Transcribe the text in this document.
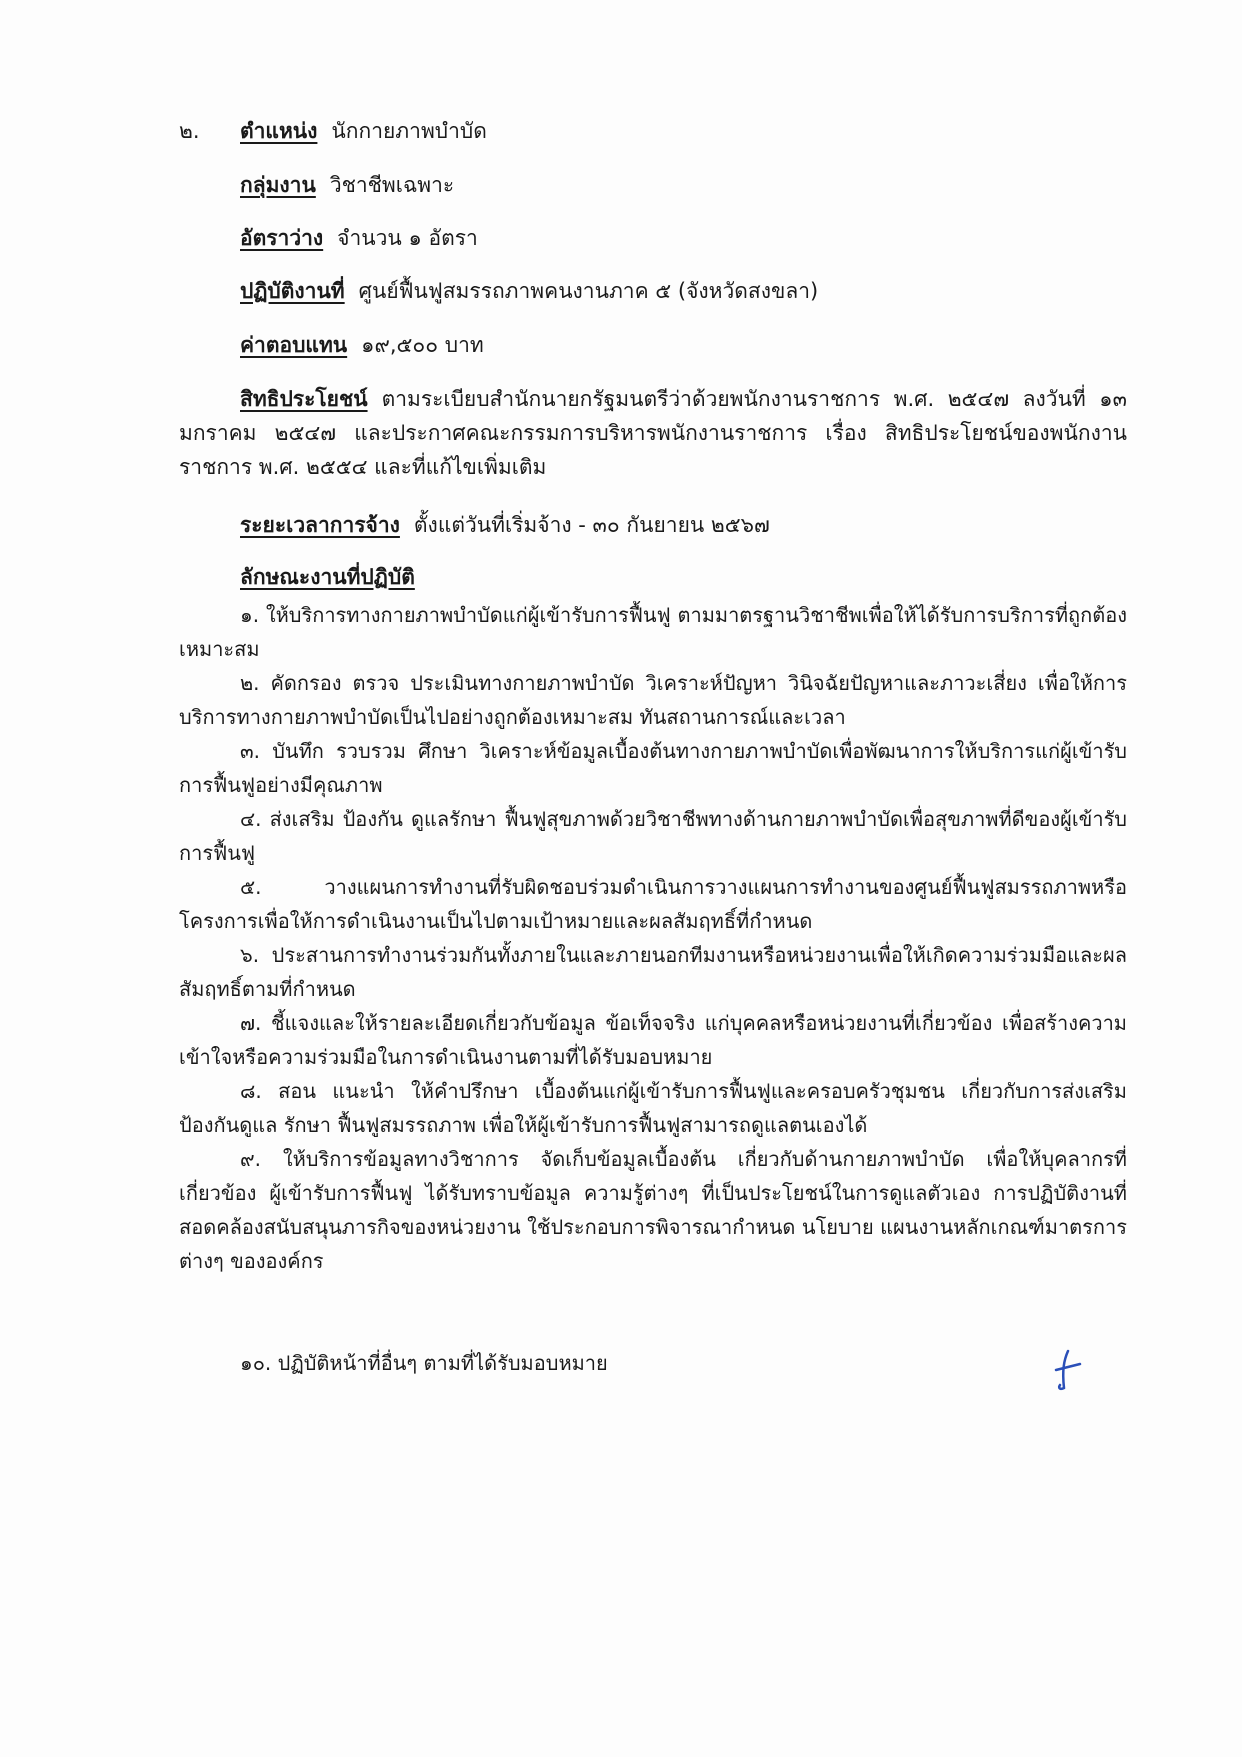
๒. ตำแหน่ง นักกายภาพบำบัด
กลุ่มงาน วิชาชีพเฉพาะ
อัตราว่าง จำนวน ๑ อัตรา
ปฏิบัติงานที่ ศูนย์ฟื้นฟูสมรรถภาพคนงานภาค ๕ (จังหวัดสงขลา)
ค่าตอบแทน ๑๙,๕๐๐ บาท
สิทธิประโยชน์ ตามระเบียบสำนักนายกรัฐมนตรีว่าด้วยพนักงานราชการ พ.ศ. ๒๕๔๗ ลงวันที่ ๑๓ มกราคม ๒๕๔๗ และประกาศคณะกรรมการบริหารพนักงานราชการ เรื่อง สิทธิประโยชน์ของพนักงานราชการ พ.ศ. ๒๕๕๔ และที่แก้ไขเพิ่มเติม
ระยะเวลาการจ้าง ตั้งแต่วันที่เริ่มจ้าง - ๓๐ กันยายน ๒๕๖๗
ลักษณะงานที่ปฏิบัติ
๑. ให้บริการทางกายภาพบำบัดแก่ผู้เข้ารับการฟื้นฟู ตามมาตรฐานวิชาชีพเพื่อให้ได้รับการบริการที่ถูกต้องเหมาะสม
๒. คัดกรอง ตรวจ ประเมินทางกายภาพบำบัด วิเคราะห์ปัญหา วินิจฉัยปัญหาและภาวะเสี่ยง เพื่อให้การบริการทางกายภาพบำบัดเป็นไปอย่างถูกต้องเหมาะสม ทันสถานการณ์และเวลา
๓. บันทึก รวบรวม ศึกษา วิเคราะห์ข้อมูลเบื้องต้นทางกายภาพบำบัดเพื่อพัฒนาการให้บริการแก่ผู้เข้ารับการฟื้นฟูอย่างมีคุณภาพ
๔. ส่งเสริม ป้องกัน ดูแลรักษา ฟื้นฟูสุขภาพด้วยวิชาชีพทางด้านกายภาพบำบัดเพื่อสุขภาพที่ดีของผู้เข้ารับการฟื้นฟู
๕. วางแผนการทำงานที่รับผิดชอบร่วมดำเนินการวางแผนการทำงานของศูนย์ฟื้นฟูสมรรถภาพหรือโครงการเพื่อให้การดำเนินงานเป็นไปตามเป้าหมายและผลสัมฤทธิ์ที่กำหนด
๖. ประสานการทำงานร่วมกันทั้งภายในและภายนอกทีมงานหรือหน่วยงานเพื่อให้เกิดความร่วมมือและผลสัมฤทธิ์ตามที่กำหนด
๗. ชี้แจงและให้รายละเอียดเกี่ยวกับข้อมูล ข้อเท็จจริง แก่บุคคลหรือหน่วยงานที่เกี่ยวข้อง เพื่อสร้างความเข้าใจหรือความร่วมมือในการดำเนินงานตามที่ได้รับมอบหมาย
๘. สอน แนะนำ ให้คำปรึกษา เบื้องต้นแก่ผู้เข้ารับการฟื้นฟูและครอบครัวชุมชน เกี่ยวกับการส่งเสริม ป้องกันดูแล รักษา ฟื้นฟูสมรรถภาพ เพื่อให้ผู้เข้ารับการฟื้นฟูสามารถดูแลตนเองได้
๙. ให้บริการข้อมูลทางวิชาการ จัดเก็บข้อมูลเบื้องต้น เกี่ยวกับด้านกายภาพบำบัด เพื่อให้บุคลากรที่เกี่ยวข้อง ผู้เข้ารับการฟื้นฟู ได้รับทราบข้อมูล ความรู้ต่างๆ ที่เป็นประโยชน์ในการดูแลตัวเอง การปฏิบัติงานที่สอดคล้องสนับสนุนภารกิจของหน่วยงาน ใช้ประกอบการพิจารณากำหนด นโยบาย แผนงานหลักเกณฑ์มาตรการต่างๆ ขององค์กร
๑๐. ปฏิบัติหน้าที่อื่นๆ ตามที่ได้รับมอบหมาย
